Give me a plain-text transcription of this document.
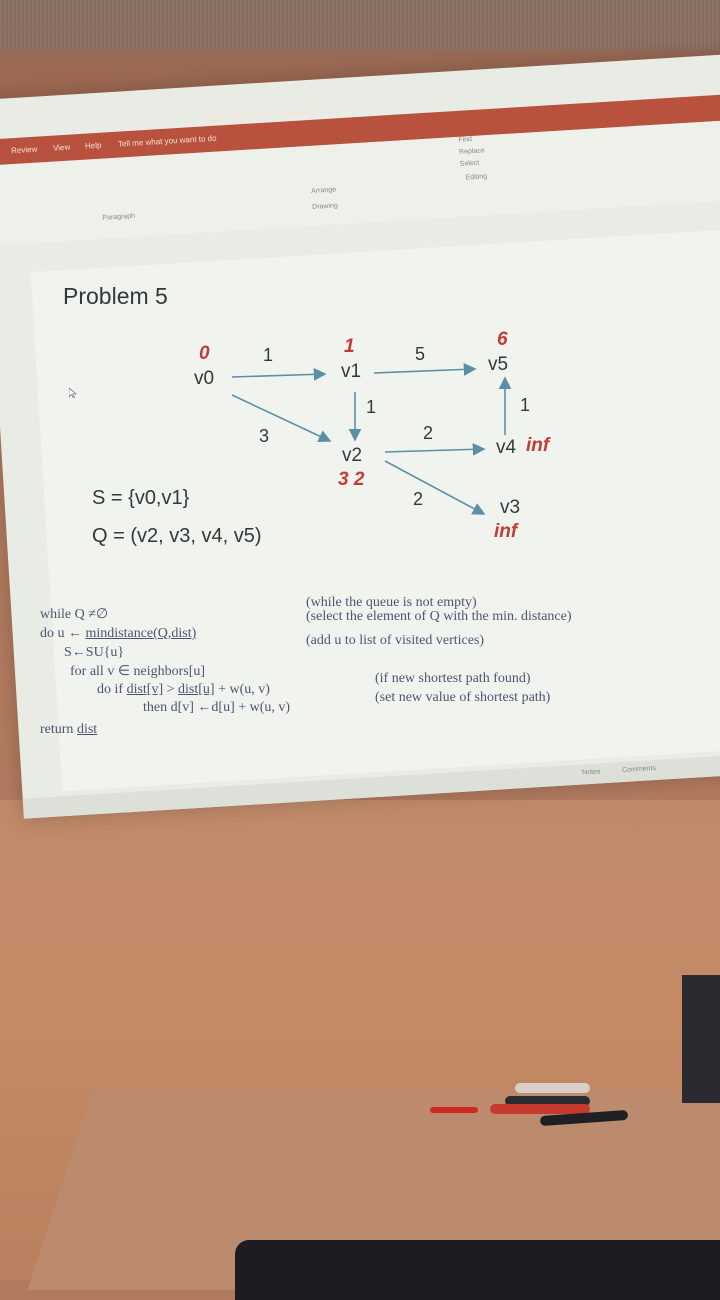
Review View Help Tell me what you want to do
PDD solution path - PowerPoint
Paragraph
Arrange
Drawing
Find
Replace
Select
Editing
Notes	Comments
Problem 5
0
v0
1
v1
6
v5
1	5
1	1
3	2
v2
3 2
v4 inf
2	v3
inf
S = {v0,v1}
Q = (v2, v3, v4, v5)
while Q ≠∅
do u ← mindistance(Q,dist)
S←SU{u}
for all v ∈ neighbors[u]
do if dist[v] > dist[u] + w(u, v)
then d[v] ←d[u] + w(u, v)
return dist
(while the queue is not empty)
(select the element of Q with the min. distance)
(add u to list of visited vertices)
(if new shortest path found)
(set new value of shortest path)
